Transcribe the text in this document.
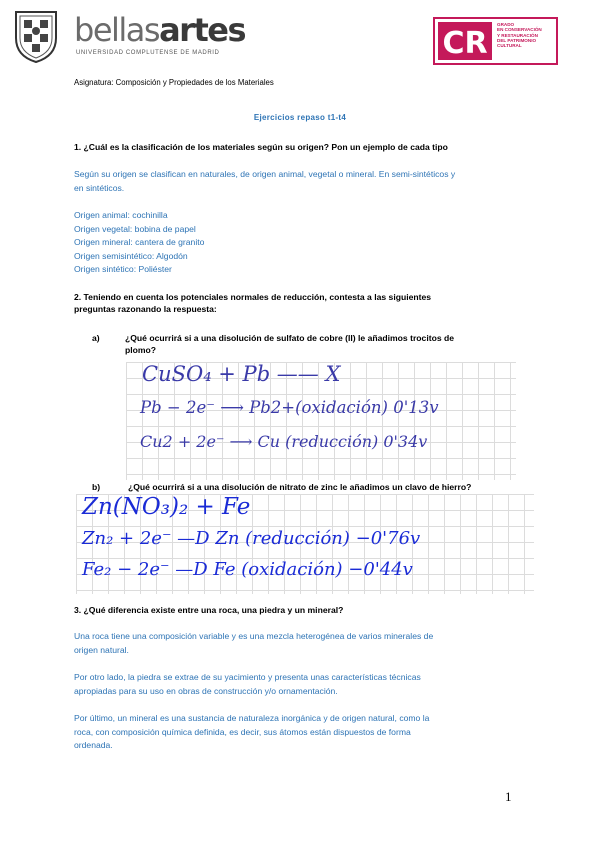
bellasartes
UNIVERSIDAD COMPLUTENSE DE MADRID	CR
GRADO
EN CONSERVACIÓN
Y RESTAURACIÓN
DEL PATRIMONIO
CULTURAL
Asignatura: Composición y Propiedades de los Materiales
Ejercicios repaso t1-t4
1. ¿Cuál es la clasificación de los materiales según su origen? Pon un ejemplo de cada tipo
Según su origen se clasifican en naturales, de origen animal, vegetal o mineral. En semi-sintéticos y
en sintéticos.
Origen animal: cochinilla
Origen vegetal: bobina de papel
Origen mineral: cantera de granito
Origen semisintético: Algodón
Origen sintético: Poliéster
2. Teniendo en cuenta los potenciales normales de reducción, contesta a las siguientes
preguntas razonando la respuesta:
a)	¿Qué ocurrirá si a una disolución de sulfato de cobre (II) le añadimos trocitos de
plomo?
CuSO₄ + Pb —— X
Pb − 2e⁻ ⟶ Pb2+(oxidación) 0'13v
Cu2 + 2e⁻ ⟶ Cu (reducción) 0'34v
b)	¿Qué ocurrirá si a una disolución de nitrato de zinc le añadimos un clavo de hierro?
Zn(NO₃)₂ + Fe
Zn₂ + 2e⁻ —D Zn (reducción) −0'76v
Fe₂ − 2e⁻ —D Fe (oxidación) −0'44v
3. ¿Qué diferencia existe entre una roca, una piedra y un mineral?
Una roca tiene una composición variable y es una mezcla heterogénea de varios minerales de
origen natural.
Por otro lado, la piedra se extrae de su yacimiento y presenta unas características técnicas
apropiadas para su uso en obras de construcción y/o ornamentación.
Por último, un mineral es una sustancia de naturaleza inorgánica y de origen natural, como la
roca, con composición química definida, es decir, sus átomos están dispuestos de forma
ordenada.
1
